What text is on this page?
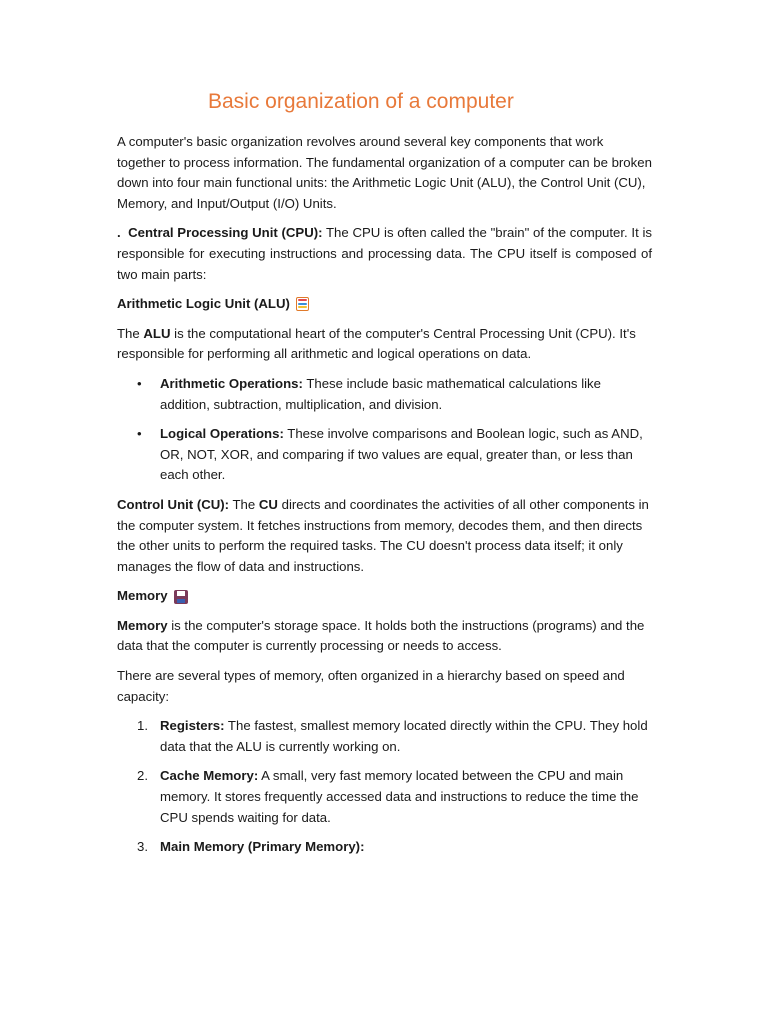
Basic organization of a computer

A computer's basic organization revolves around several key components that work together to process information. The fundamental organization of a computer can be broken down into four main functional units: the Arithmetic Logic Unit (ALU), the Control Unit (CU), Memory, and Input/Output (I/O) Units.

. Central Processing Unit (CPU): The CPU is often called the "brain" of the computer. It is responsible for executing instructions and processing data. The CPU itself is composed of two main parts:

Arithmetic Logic Unit (ALU)

The ALU is the computational heart of the computer's Central Processing Unit (CPU). It's responsible for performing all arithmetic and logical operations on data.

• Arithmetic Operations: These include basic mathematical calculations like addition, subtraction, multiplication, and division.
• Logical Operations: These involve comparisons and Boolean logic, such as AND, OR, NOT, XOR, and comparing if two values are equal, greater than, or less than each other.

Control Unit (CU): The CU directs and coordinates the activities of all other components in the computer system. It fetches instructions from memory, decodes them, and then directs the other units to perform the required tasks. The CU doesn't process data itself; it only manages the flow of data and instructions.

Memory

Memory is the computer's storage space. It holds both the instructions (programs) and the data that the computer is currently processing or needs to access.

There are several types of memory, often organized in a hierarchy based on speed and capacity:

1. Registers: The fastest, smallest memory located directly within the CPU. They hold data that the ALU is currently working on.
2. Cache Memory: A small, very fast memory located between the CPU and main memory. It stores frequently accessed data and instructions to reduce the time the CPU spends waiting for data.
3. Main Memory (Primary Memory):
